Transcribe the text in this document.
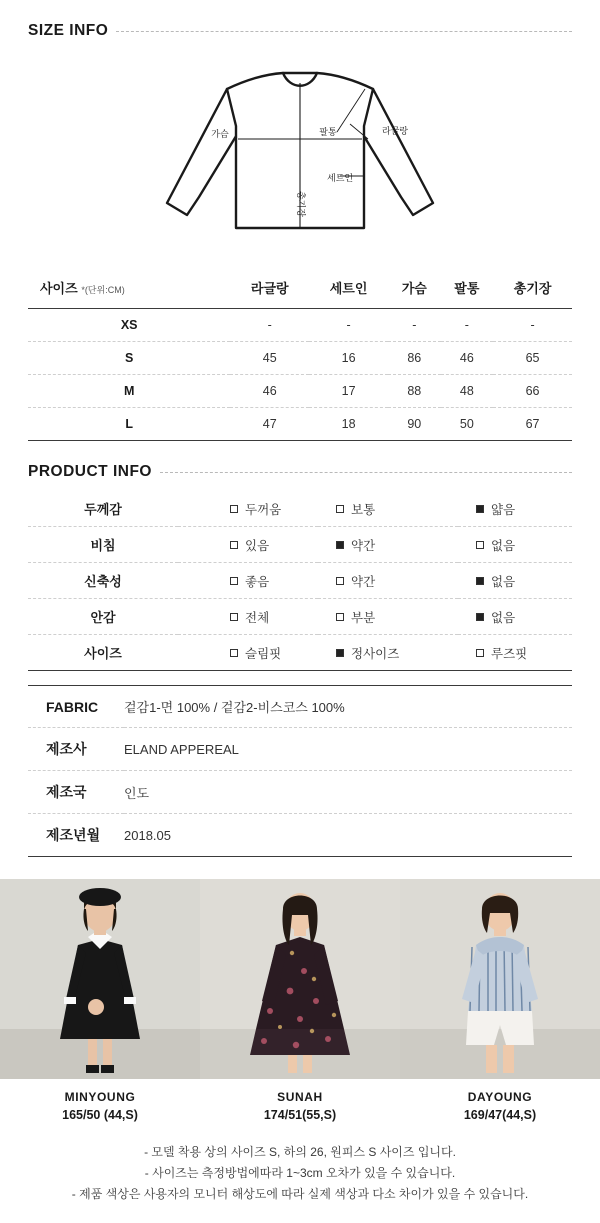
SIZE INFO
가슴	팔통	라글랑
세트인
총기장
사이즈 *(단위:CM)	라글랑	세트인	가슴	팔통	총기장
XS	-	-	-	-	-
S	45	16	86	46	65
M	46	17	88	48	66
L	47	18	90	50	67
PRODUCT INFO
두께감	두꺼움	보통	얇음

비침	있음	약간	없음

신축성	좋음	약간	없음

안감	전체	부분	없음

사이즈	슬림핏	정사이즈	루즈핏
FABRIC	겉감1-면 100% / 겉감2-비스코스 100%
제조사	ELAND APPEREAL
제조국	인도
제조년월	2018.05
MINYOUNG
165/50 (44,S)
SUNAH
174/51(55,S)
DAYOUNG
169/47(44,S)
- 모델 착용 상의 사이즈 S, 하의 26, 원피스 S 사이즈 입니다.
- 사이즈는 측정방법에따라 1~3cm 오차가 있을 수 있습니다.
- 제품 색상은 사용자의 모니터 해상도에 따라 실제 색상과 다소 차이가 있을 수 있습니다.
